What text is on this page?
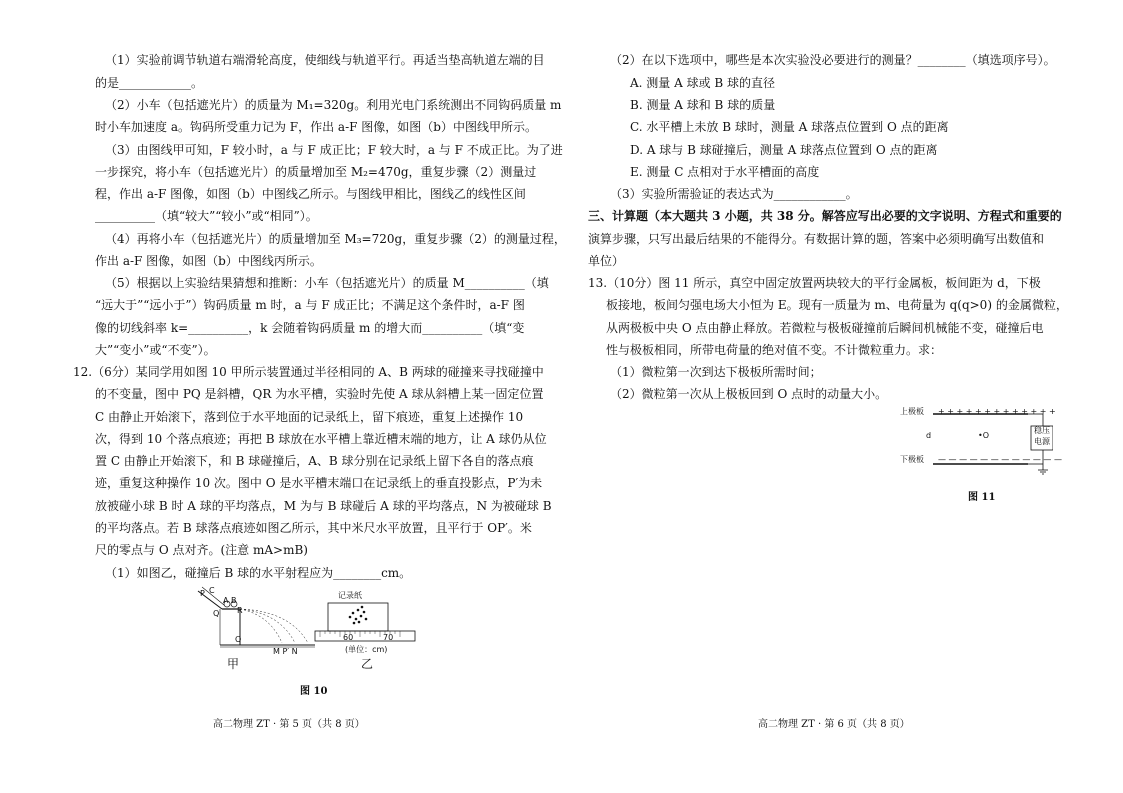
（1）实验前调节轨道右端滑轮高度，使细线与轨道平行。再适当垫高轨道左端的目
的是____________。
（2）小车（包括遮光片）的质量为 M₁=320g。利用光电门系统测出不同钩码质量 m
时小车加速度 a。钩码所受重力记为 F，作出 a-F 图像，如图（b）中图线甲所示。
（3）由图线甲可知，F 较小时，a 与 F 成正比；F 较大时，a 与 F 不成正比。为了进
一步探究，将小车（包括遮光片）的质量增加至 M₂=470g，重复步骤（2）测量过
程，作出 a-F 图像，如图（b）中图线乙所示。与图线甲相比，图线乙的线性区间
__________（填“较大”“较小”或“相同”）。
（4）再将小车（包括遮光片）的质量增加至 M₃=720g，重复步骤（2）的测量过程，
作出 a-F 图像，如图（b）中图线丙所示。
（5）根据以上实验结果猜想和推断：小车（包括遮光片）的质量 M__________（填
“远大于”“远小于”）钩码质量 m 时，a 与 F 成正比；不满足这个条件时，a-F 图
像的切线斜率 k=__________，k 会随着钩码质量 m 的增大而__________（填“变
大”“变小”或“不变”）。
12.（6分）某同学用如图 10 甲所示装置通过半径相同的 A、B 两球的碰撞来寻找碰撞中
的不变量，图中 PQ 是斜槽，QR 为水平槽，实验时先使 A 球从斜槽上某一固定位置
C 由静止开始滚下，落到位于水平地面的记录纸上，留下痕迹，重复上述操作 10
次，得到 10 个落点痕迹；再把 B 球放在水平槽上靠近槽末端的地方，让 A 球仍从位
置 C 由静止开始滚下，和 B 球碰撞后，A、B 球分别在记录纸上留下各自的落点痕
迹，重复这种操作 10 次。图中 O 是水平槽末端口在记录纸上的垂直投影点，P′为未
放被碰小球 B 时 A 球的平均落点，M 为与 B 球碰后 A 球的平均落点，N 为被碰球 B
的平均落点。若 B 球落点痕迹如图乙所示，其中米尺水平放置，且平行于 OP′。米
尺的零点与 O 点对齐。(注意 mA>mB)
（1）如图乙，碰撞后 B 球的水平射程应为________cm。
P C
A B
R
Q
O
M P′ N
甲
记录纸
60	70
(单位：cm)
乙
图 10
高二物理 ZT · 第 5 页（共 8 页）
（2）在以下选项中，哪些是本次实验没必要进行的测量？________（填选项序号）。
A. 测量 A 球或 B 球的直径
B. 测量 A 球和 B 球的质量
C. 水平槽上未放 B 球时，测量 A 球落点位置到 O 点的距离
D. A 球与 B 球碰撞后，测量 A 球落点位置到 O 点的距离
E. 测量 C 点相对于水平槽面的高度
（3）实验所需验证的表达式为____________。
三、计算题（本大题共 3 小题，共 38 分。解答应写出必要的文字说明、方程式和重要的
演算步骤，只写出最后结果的不能得分。有数据计算的题，答案中必须明确写出数值和
单位）
13.（10分）图 11 所示，真空中固定放置两块较大的平行金属板，板间距为 d，下极
板接地，板间匀强电场大小恒为 E。现有一质量为 m、电荷量为 q(q>0) 的金属微粒，
从两极板中央 O 点由静止释放。若微粒与极板碰撞前后瞬间机械能不变，碰撞后电
性与极板相同，所带电荷量的绝对值不变。不计微粒重力。求：
（1）微粒第一次到达下极板所需时间；
（2）微粒第一次从上极板回到 O 点时的动量大小。
上极板
下极板
+ + + + + + + + + + + + +
— — — — — — — — — — — —
d	•O
稳压
电源
图 11
高二物理 ZT · 第 6 页（共 8 页）
